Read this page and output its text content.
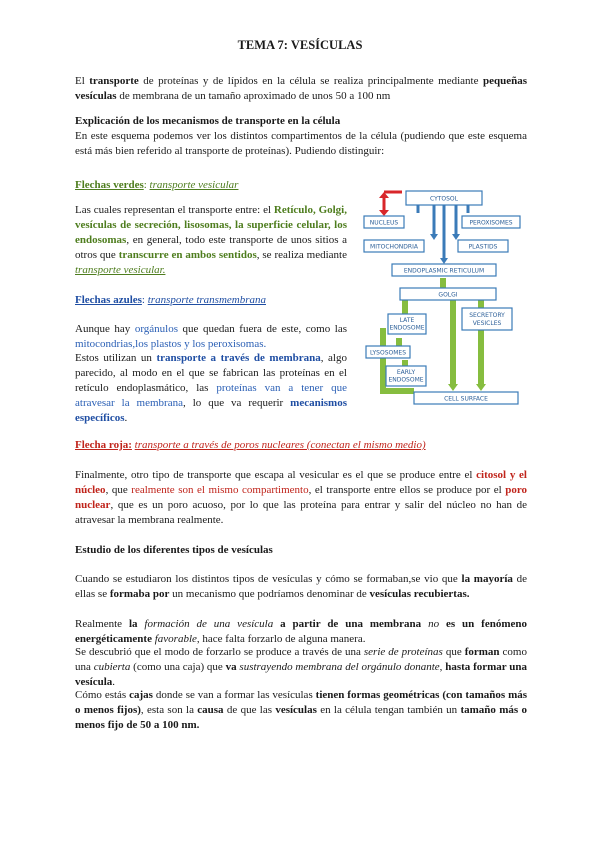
TEMA 7: VESÍCULAS

El transporte de proteínas y de lípidos en la célula se realiza principalmente mediante pequeñas vesículas de membrana de un tamaño aproximado de unos 50 a 100 nm

Explicación de los mecanismos de transporte en la célula

En este esquema podemos ver los distintos compartimentos de la célula (pudiendo que este esquema está más bien referido al transporte de proteínas). Pudiendo distinguir:

Flechas verdes: transporte vesicular

Las cuales representan el transporte entre: el Retículo, Golgi, vesículas de secreción, lisosomas, la superficie celular, los endosomas, en general, todo este transporte de unos sitios a otros que transcurre en ambos sentidos, se realiza mediante transporte vesicular.

Flechas azules: transporte transmembrana

Aunque hay orgánulos que quedan fuera de este, como las mitocondrias,los plastos y los peroxisomas.

Estos utilizan un transporte a través de membrana, algo parecido, al modo en el que se fabrican las proteínas en el retículo endoplasmático, las proteínas van a tener que atravesar la membrana, lo que va requerir mecanismos específicos.

CYTOSOL
NUCLEUS	PEROXISOMES
MITOCHONDRIA	PLASTIDS
ENDOPLASMIC RETICULUM
GOLGI
LATE
ENDOSOME
SECRETORY
VESICLES
LYSOSOMES
EARLY
ENDOSOME
CELL SURFACE

Flecha roja: transporte a través de poros nucleares (conectan el mismo medio)

Finalmente, otro tipo de transporte que escapa al vesicular es el que se produce entre el citosol y el núcleo, que realmente son el mismo compartimento, el transporte entre ellos se produce por el poro nuclear, que es un poro acuoso, por lo que las proteína para entrar y salir del núcleo no han de atravesar la membrana realmente.

Estudio de los diferentes tipos de vesículas

Cuando se estudiaron los distintos tipos de vesículas y cómo se formaban,se vio que la mayoría de ellas se formaba por un mecanismo que podríamos denominar de vesículas recubiertas.

Realmente la formación de una vesícula a partir de una membrana no es un fenómeno energéticamente favorable, hace falta forzarlo de alguna manera.

Se descubrió que el modo de forzarlo se produce a través de una serie de proteínas que forman como una cubierta (como una caja) que va sustrayendo membrana del orgánulo donante, hasta formar una vesícula.

Cómo estás cajas donde se van a formar las vesículas tienen formas geométricas (con tamaños más o menos fijos), esta son la causa de que las vesículas en la célula tengan también un tamaño más o menos fijo de 50 a 100 nm.
